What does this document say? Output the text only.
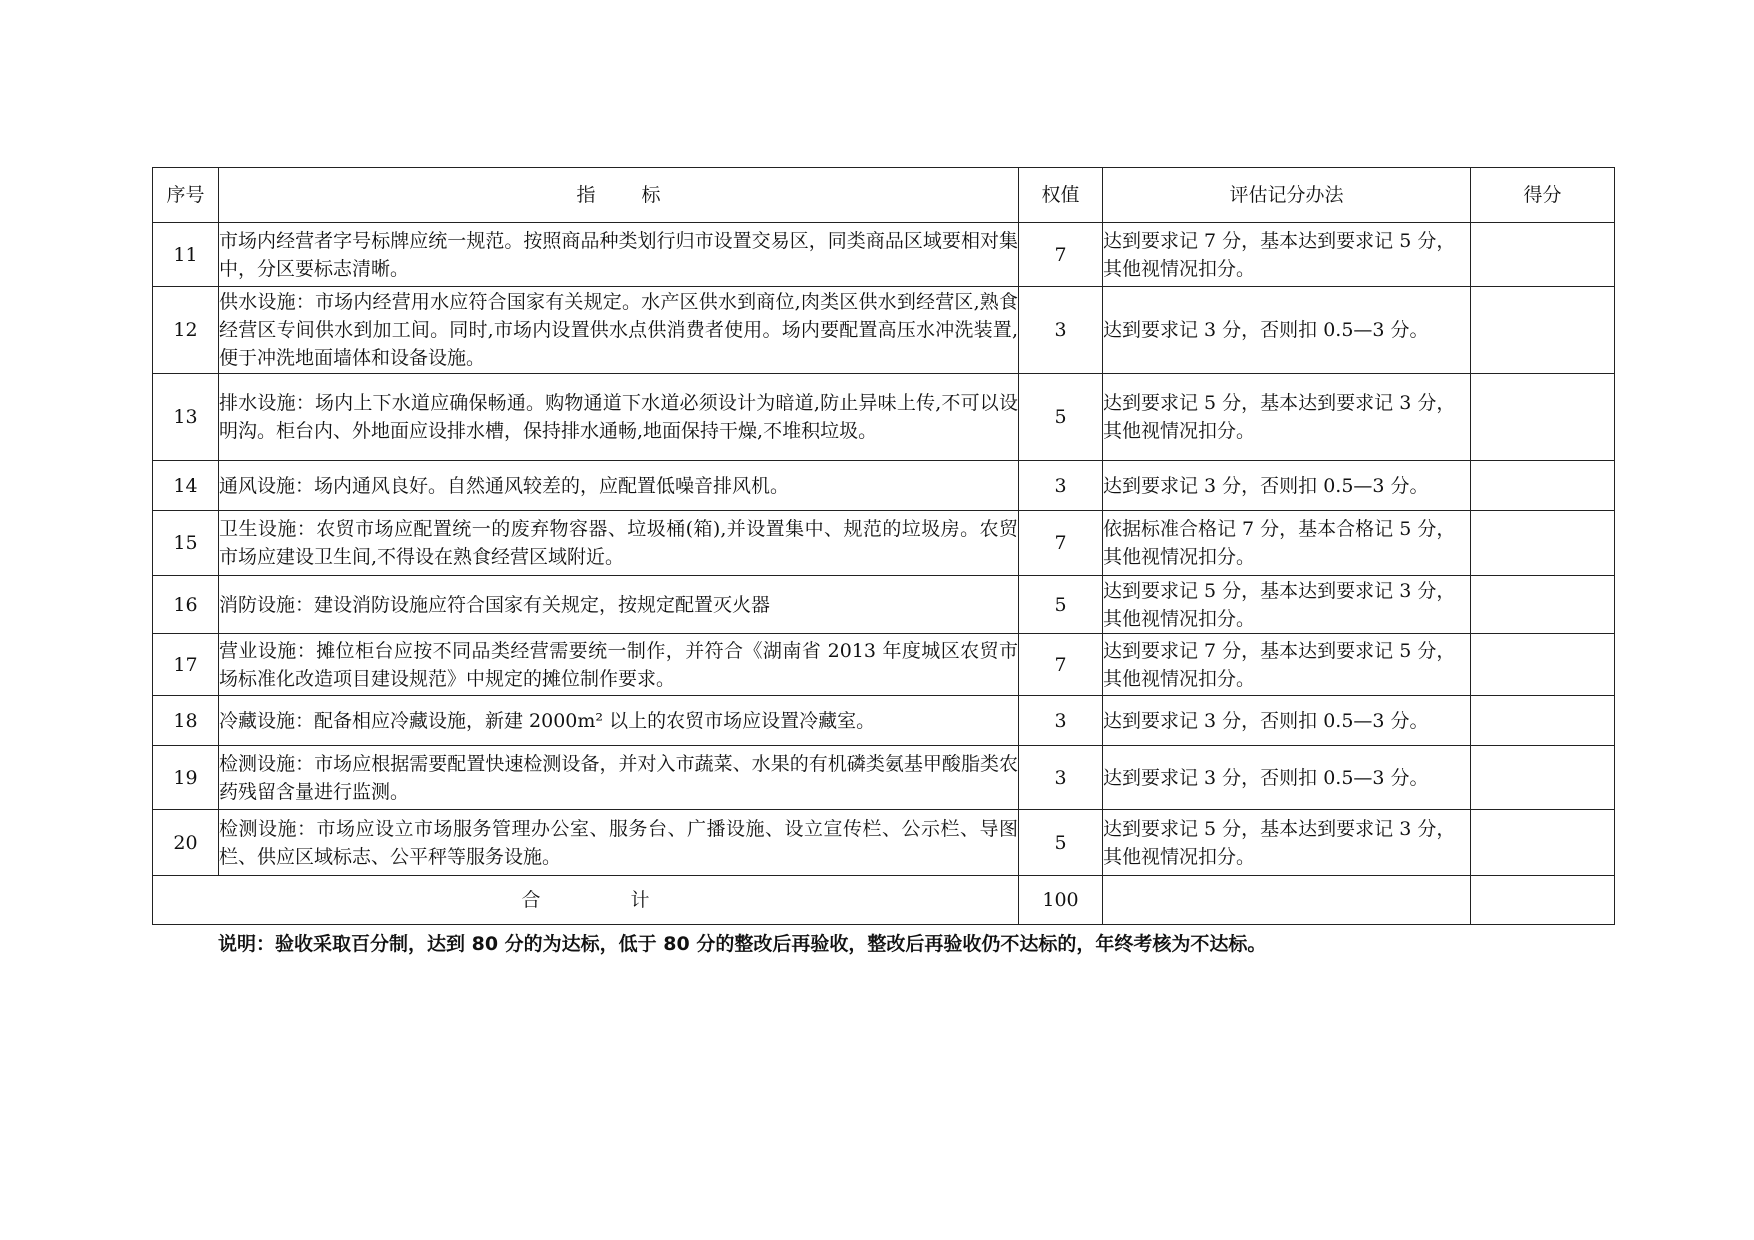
序号	指 标	权值	评估记分办法	得分
11	市场内经营者字号标牌应统一规范。按照商品种类划行归市设置交易区，同类商品区域要相对集中，分区要标志清晰。	7	达到要求记 7 分，基本达到要求记 5 分，其他视情况扣分。	
12	供水设施：市场内经营用水应符合国家有关规定。水产区供水到商位,肉类区供水到经营区,熟食经营区专间供水到加工间。同时,市场内设置供水点供消费者使用。场内要配置高压水冲洗装置,便于冲洗地面墙体和设备设施。	3	达到要求记 3 分，否则扣 0.5—3 分。	
13	排水设施：场内上下水道应确保畅通。购物通道下水道必须设计为暗道,防止异味上传,不可以设明沟。柜台内、外地面应设排水槽，保持排水通畅,地面保持干燥,不堆积垃圾。	5	达到要求记 5 分，基本达到要求记 3 分，其他视情况扣分。	
14	通风设施：场内通风良好。自然通风较差的，应配置低噪音排风机。	3	达到要求记 3 分，否则扣 0.5—3 分。	
15	卫生设施：农贸市场应配置统一的废弃物容器、垃圾桶(箱),并设置集中、规范的垃圾房。农贸市场应建设卫生间,不得设在熟食经营区域附近。	7	依据标准合格记 7 分，基本合格记 5 分，其他视情况扣分。	
16	消防设施：建设消防设施应符合国家有关规定，按规定配置灭火器	5	达到要求记 5 分，基本达到要求记 3 分，其他视情况扣分。	
17	营业设施：摊位柜台应按不同品类经营需要统一制作，并符合《湖南省 2013 年度城区农贸市场标准化改造项目建设规范》中规定的摊位制作要求。	7	达到要求记 7 分，基本达到要求记 5 分，其他视情况扣分。	
18	冷藏设施：配备相应冷藏设施，新建 2000m² 以上的农贸市场应设置冷藏室。	3	达到要求记 3 分，否则扣 0.5—3 分。	
19	检测设施：市场应根据需要配置快速检测设备，并对入市蔬菜、水果的有机磷类氨基甲酸脂类农药残留含量进行监测。	3	达到要求记 3 分，否则扣 0.5—3 分。	
20	检测设施：市场应设立市场服务管理办公室、服务台、广播设施、设立宣传栏、公示栏、导图栏、供应区域标志、公平秤等服务设施。	5	达到要求记 5 分，基本达到要求记 3 分，其他视情况扣分。	
合 计		100		
说明：验收采取百分制，达到 80 分的为达标，低于 80 分的整改后再验收，整改后再验收仍不达标的，年终考核为不达标。
